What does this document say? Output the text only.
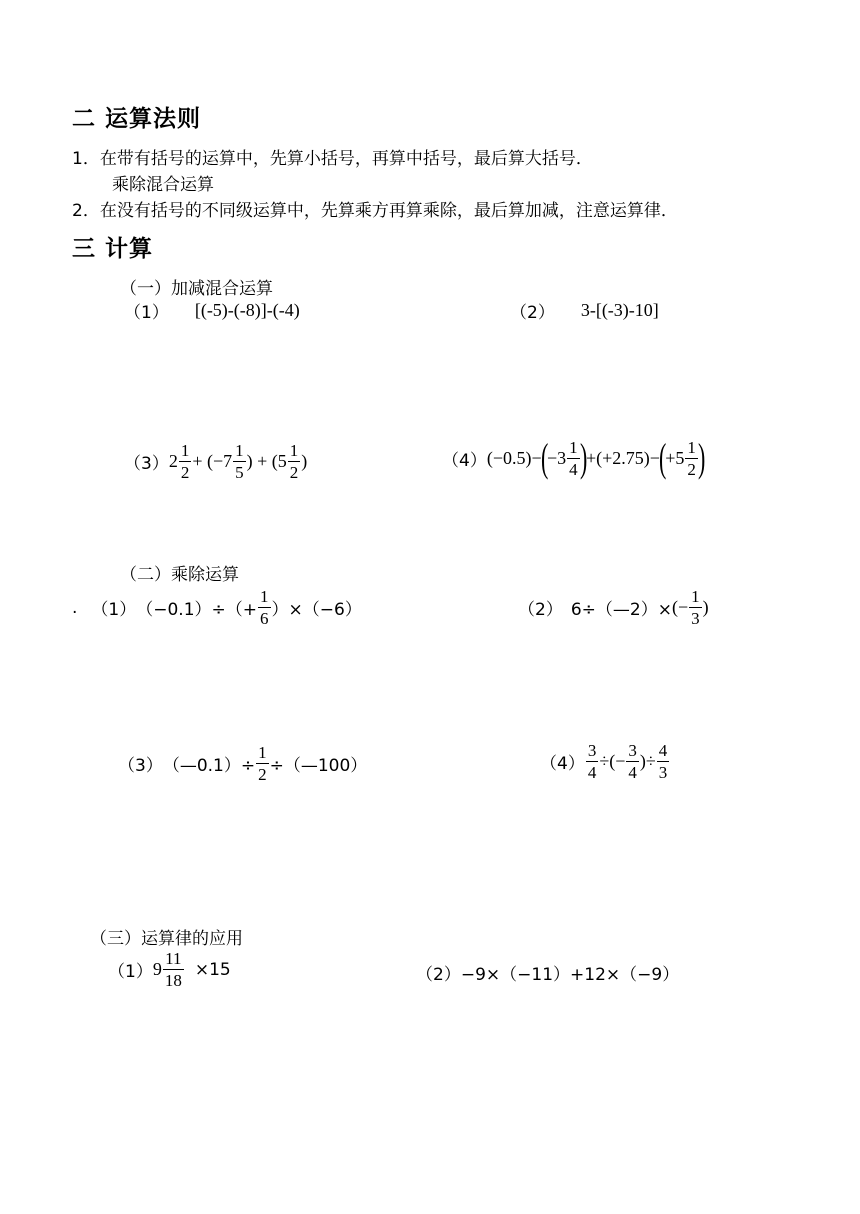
二 运算法则
1．在带有括号的运算中，先算小括号，再算中括号，最后算大括号．
乘除混合运算
2．在没有括号的不同级运算中，先算乘方再算乘除，最后算加减，注意运算律．
三 计算
（一）加减混合运算
（1） [(-5)-(-8)]-(-4)	（2） 3-[(-3)-10]
（3） $2 \frac{1}{2} + (-7 \frac{1}{5}$ ) + ($5 \frac{1}{2}$ )	（4） ( −0.5 ) −
(
$-3 \frac{1}{4}$ )
+ ( +2.75 ) −
(
$+5 \frac{1}{2}$ )
（二）乘除运算
. （1） $(-0.1)\div(+ \frac{1}{6} )\times(-6)$	（2） 6÷（—2）× (− $\frac{1}{3}$ )
（3） （—0.1）÷ $\frac{1}{2}$ ÷（—100）	$(4) \frac{3}{4}$ ÷(− $\frac{3}{4}$ )÷ $\frac{4}{3}$
（三）运算律的应用
（1） $9 \frac{11}{18} \times 15$	（2） −9×（−11）+12×（−9）
